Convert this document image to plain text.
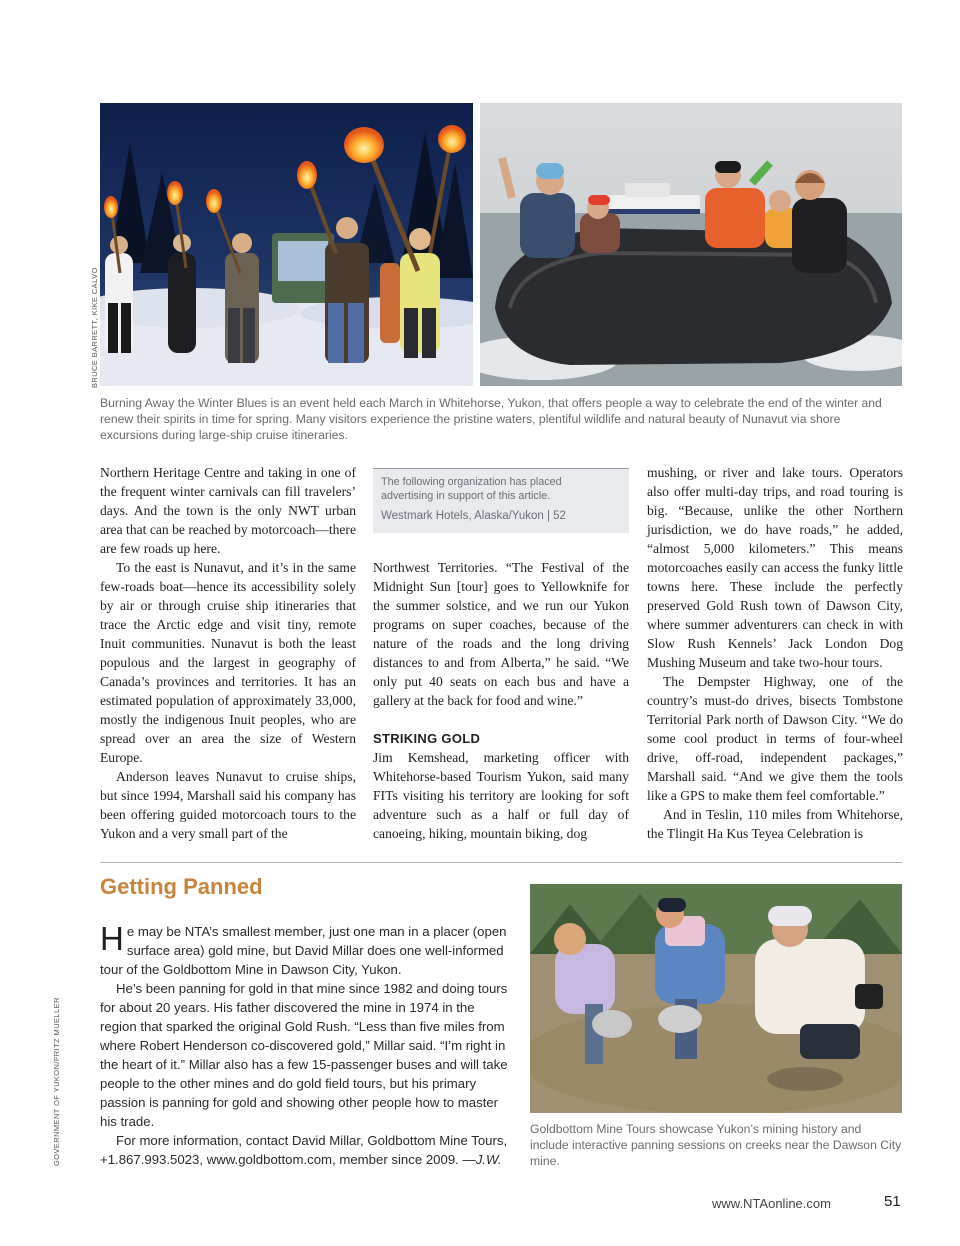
BRUCE BARRETT, KIKE CALVO
GOVERNMENT OF YUKON/FRITZ MUELLER
Burning Away the Winter Blues is an event held each March in Whitehorse, Yukon, that offers people a way to celebrate the end of the winter and renew their spirits in time for spring. Many visitors experience the pristine waters, plentiful wildlife and natural beauty of Nunavut via shore excursions during large-ship cruise itineraries.

Northern Heritage Centre and taking in one of the frequent winter carnivals can fill travelers’ days. And the town is the only NWT urban area that can be reached by motorcoach—there are few roads up here.

To the east is Nunavut, and it’s in the same few-roads boat—hence its accessibility solely by air or through cruise ship itineraries that trace the Arctic edge and visit tiny, remote Inuit communities. Nunavut is both the least populous and the largest in geography of Canada’s provinces and territories. It has an estimated population of approximately 33,000, mostly the indigenous Inuit peoples, who are spread over an area the size of Western Europe.

Anderson leaves Nunavut to cruise ships, but since 1994, Marshall said his company has been offering guided motorcoach tours to the Yukon and a very small part of the

The following organization has placed advertising in support of this article.
Westmark Hotels, Alaska/Yukon | 52

Northwest Territories. “The Festival of the Midnight Sun [tour] goes to Yellowknife for the summer solstice, and we run our Yukon programs on super coaches, because of the nature of the roads and the long driving distances to and from Alberta,” he said. “We only put 40 seats on each bus and have a gallery at the back for food and wine.”

STRIKING GOLD

Jim Kemshead, marketing officer with Whitehorse-based Tourism Yukon, said many FITs visiting his territory are looking for soft adventure such as a half or full day of canoeing, hiking, mountain biking, dog

mushing, or river and lake tours. Operators also offer multi-day trips, and road touring is big. “Because, unlike the other Northern jurisdiction, we do have roads,” he added, “almost 5,000 kilometers.” This means motorcoaches easily can access the funky little towns here. These include the perfectly preserved Gold Rush town of Dawson City, where summer adventurers can check in with Slow Rush Kennels’ Jack London Dog Mushing Museum and take two-hour tours.

The Dempster Highway, one of the country’s must-do drives, bisects Tombstone Territorial Park north of Dawson City. “We do some cool product in terms of four-wheel drive, off-road, independent packages,” Marshall said. “And we give them the tools like a GPS to make them feel comfortable.”

And in Teslin, 110 miles from Whitehorse, the Tlingit Ha Kus Teyea Celebration is

Getting Panned

He may be NTA’s smallest member, just one man in a placer (open surface area) gold mine, but David Millar does one well-informed tour of the Goldbottom Mine in Dawson City, Yukon.

He’s been panning for gold in that mine since 1982 and doing tours for about 20 years. His father discovered the mine in 1974 in the region that sparked the original Gold Rush. “Less than five miles from where Robert Henderson co-discovered gold,” Millar said. “I’m right in the heart of it.” Millar also has a few 15-passenger buses and will take people to the other mines and do gold field tours, but his primary passion is panning for gold and showing other people how to master his trade.

For more information, contact David Millar, Goldbottom Mine Tours, +1.867.993.5023, www.goldbottom.com, member since 2009. —J.W.

Goldbottom Mine Tours showcase Yukon’s mining history and include interactive panning sessions on creeks near the Dawson City mine.
www.NTAonline.com	51
